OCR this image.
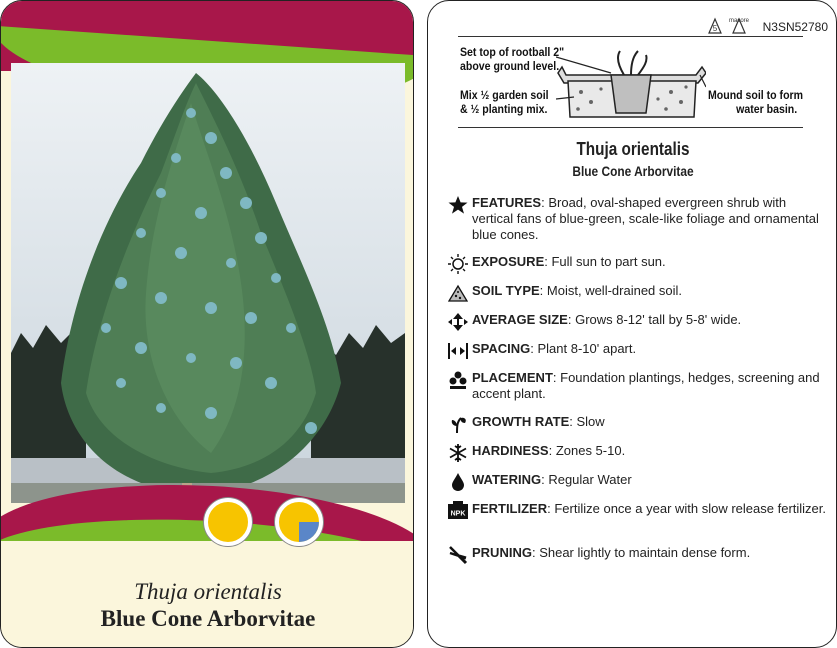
Thuja orientalis
Blue Cone Arborvitae
5
macore N3SN52780
Set top of rootball 2"
above ground level.
Mix ½ garden soil
& ½ planting mix.
Mound soil to form
water basin.
Thuja orientalis
Blue Cone Arborvitae
FEATURES: Broad, oval-shaped evergreen shrub with vertical fans of blue-green, scale-like foliage and ornamental blue cones.
EXPOSURE: Full sun to part sun.
SOIL TYPE: Moist, well-drained soil.
AVERAGE SIZE: Grows 8-12' tall by 5-8' wide.
SPACING: Plant 8-10' apart.
PLACEMENT: Foundation plantings, hedges, screening and accent plant.
GROWTH RATE: Slow
HARDINESS: Zones 5-10.
WATERING: Regular Water
NPK FERTILIZER: Fertilize once a year with slow release fertilizer.
PRUNING: Shear lightly to maintain dense form.
